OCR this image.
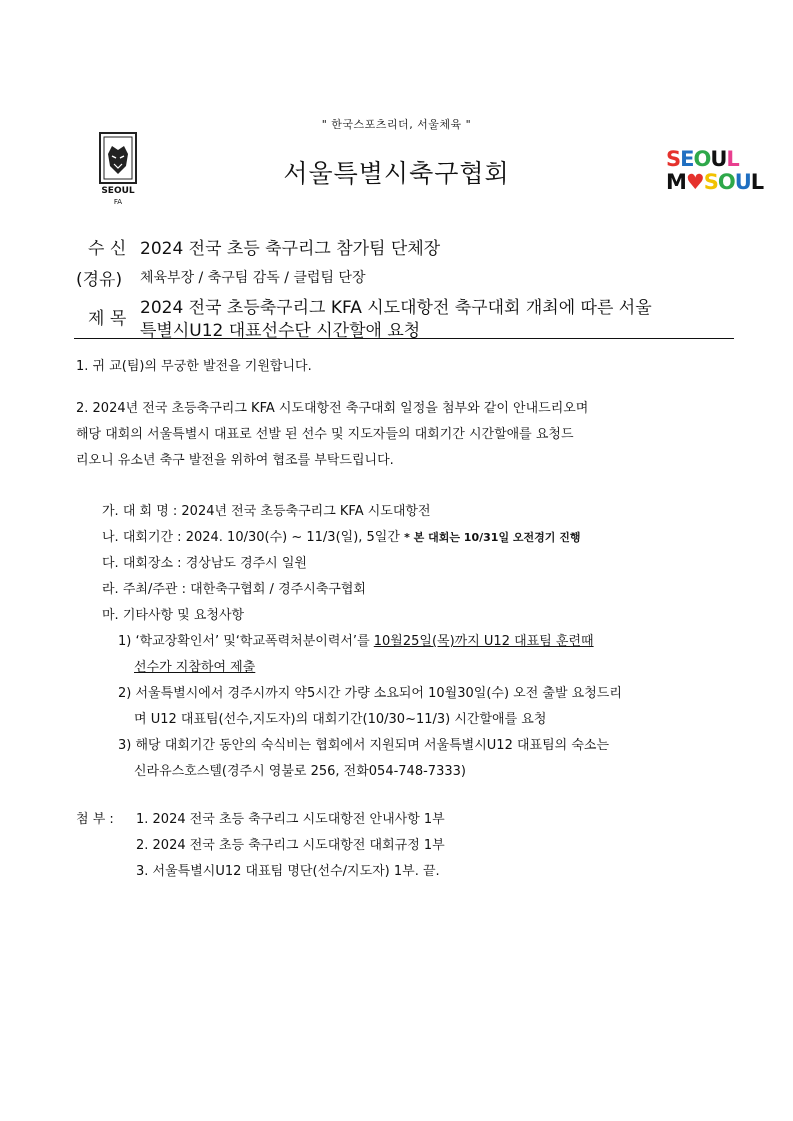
" 한국스포츠리더, 서울체육 "
SEOUL
FA
서울특별시축구협회	SEOUL
M♥SOUL
수 신 2024 전국 초등 축구리그 참가팀 단체장
(경유) 체육부장 / 축구팀 감독 / 클럽팀 단장
제 목
2024 전국 초등축구리그 KFA 시도대항전 축구대회 개최에 따른 서울
특별시U12 대표선수단 시간할애 요청
1. 귀 교(팀)의 무궁한 발전을 기원합니다.
2. 2024년 전국 초등축구리그 KFA 시도대항전 축구대회 일정을 첨부와 같이 안내드리오며
해당 대회의 서울특별시 대표로 선발 된 선수 및 지도자들의 대회기간 시간할애를 요청드
리오니 유소년 축구 발전을 위하여 협조를 부탁드립니다.
가. 대 회 명 : 2024년 전국 초등축구리그 KFA 시도대항전
나. 대회기간 : 2024. 10/30(수) ~ 11/3(일), 5일간 * 본 대회는 10/31일 오전경기 진행
다. 대회장소 : 경상남도 경주시 일원
라. 주최/주관 : 대한축구협회 / 경주시축구협회
마. 기타사항 및 요청사항
1) ‘학교장확인서’ 및‘학교폭력처분이력서’를 10월25일(목)까지 U12 대표팀 훈련때
선수가 지참하여 제출
2) 서울특별시에서 경주시까지 약5시간 가량 소요되어 10월30일(수) 오전 출발 요청드리
며 U12 대표팀(선수,지도자)의 대회기간(10/30~11/3) 시간할애를 요청
3) 해당 대회기간 동안의 숙식비는 협회에서 지원되며 서울특별시U12 대표팀의 숙소는
신라유스호스텔(경주시 영불로 256, 전화054-748-7333)
첨 부 : 1. 2024 전국 초등 축구리그 시도대항전 안내사항 1부
2. 2024 전국 초등 축구리그 시도대항전 대회규정 1부
3. 서울특별시U12 대표팀 명단(선수/지도자) 1부. 끝.
